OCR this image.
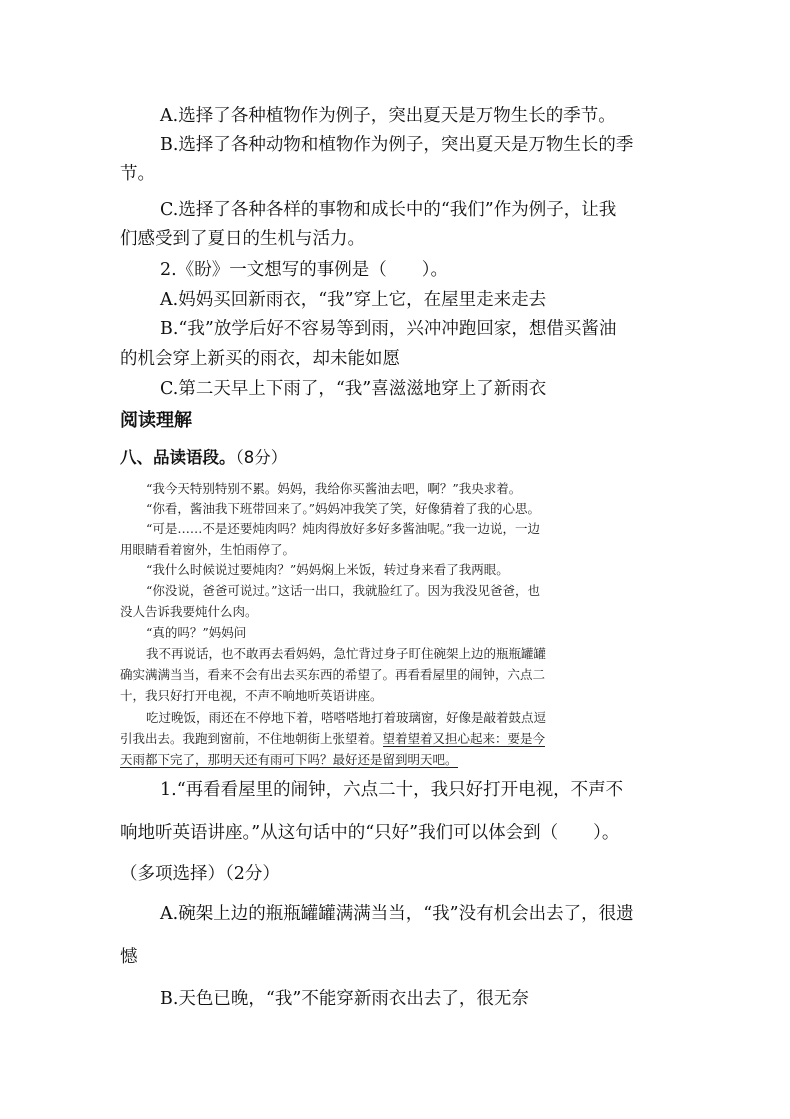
A.选择了各种植物作为例子，突出夏天是万物生长的季节。
B.选择了各种动物和植物作为例子，突出夏天是万物生长的季
节。
C.选择了各种各样的事物和成长中的“我们”作为例子，让我
们感受到了夏日的生机与活力。
2.《盼》一文想写的事例是（　　）。
A.妈妈买回新雨衣，“我”穿上它，在屋里走来走去
B.“我”放学后好不容易等到雨，兴冲冲跑回家，想借买酱油
的机会穿上新买的雨衣，却未能如愿
C.第二天早上下雨了，“我”喜滋滋地穿上了新雨衣
阅读理解
八、品读语段。（8分）
“我今天特别特别不累。妈妈，我给你买酱油去吧，啊？”我央求着。
“你看，酱油我下班带回来了。”妈妈冲我笑了笑，好像猜着了我的心思。
“可是……不是还要炖肉吗？炖肉得放好多好多酱油呢。”我一边说，一边
用眼睛看着窗外，生怕雨停了。
“我什么时候说过要炖肉？”妈妈焖上米饭，转过身来看了我两眼。
“你没说，爸爸可说过。”这话一出口，我就脸红了。因为我没见爸爸，也
没人告诉我要炖什么肉。
“真的吗？”妈妈问
我不再说话，也不敢再去看妈妈，急忙背过身子盯住碗架上边的瓶瓶罐罐
确实满满当当，看来不会有出去买东西的希望了。再看看屋里的闹钟，六点二
十，我只好打开电视，不声不响地听英语讲座。
吃过晚饭，雨还在不停地下着，嗒嗒嗒地打着玻璃窗，好像是敲着鼓点逗
引我出去。我跑到窗前，不住地朝街上张望着。望着望着又担心起来：要是今
天雨都下完了，那明天还有雨可下吗？最好还是留到明天吧。
1.“再看看屋里的闹钟，六点二十，我只好打开电视，不声不
响地听英语讲座。”从这句话中的“只好”我们可以体会到（　　）。
（多项选择）（2分）
A.碗架上边的瓶瓶罐罐满满当当，“我”没有机会出去了，很遗
憾
B.天色已晚，“我”不能穿新雨衣出去了，很无奈
